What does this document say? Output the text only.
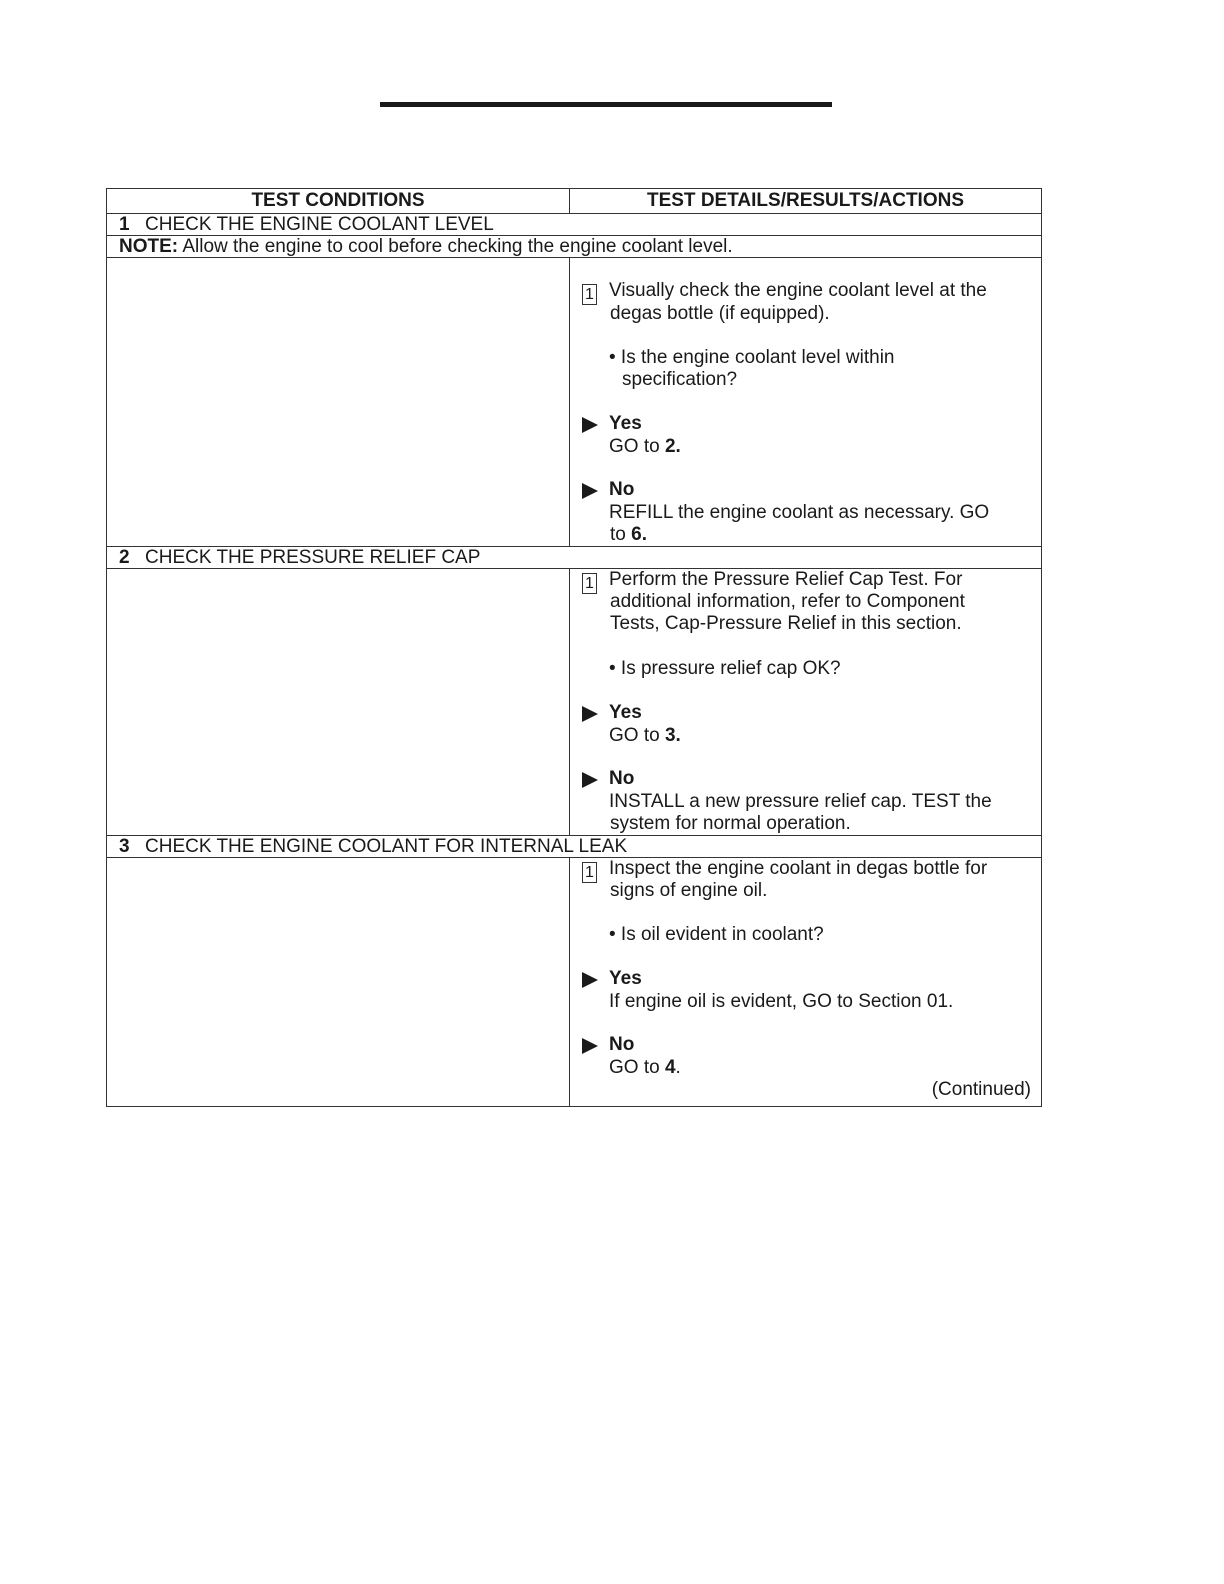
TEST CONDITIONS	TEST DETAILS/RESULTS/ACTIONS
1 CHECK THE ENGINE COOLANT LEVEL
NOTE: Allow the engine to cool before checking the engine coolant level.
1 Visually check the engine coolant level at the
degas bottle (if equipped).
• Is the engine coolant level within
specification?
Yes
GO to 2.
No
REFILL the engine coolant as necessary. GO
to 6.
2 CHECK THE PRESSURE RELIEF CAP
1 Perform the Pressure Relief Cap Test. For
additional information, refer to Component
Tests, Cap-Pressure Relief in this section.
• Is pressure relief cap OK?
Yes
GO to 3.
No
INSTALL a new pressure relief cap. TEST the
system for normal operation.
3 CHECK THE ENGINE COOLANT FOR INTERNAL LEAK
1 Inspect the engine coolant in degas bottle for
signs of engine oil.
• Is oil evident in coolant?
Yes
If engine oil is evident, GO to Section 01.
No
GO to 4.
(Continued)
